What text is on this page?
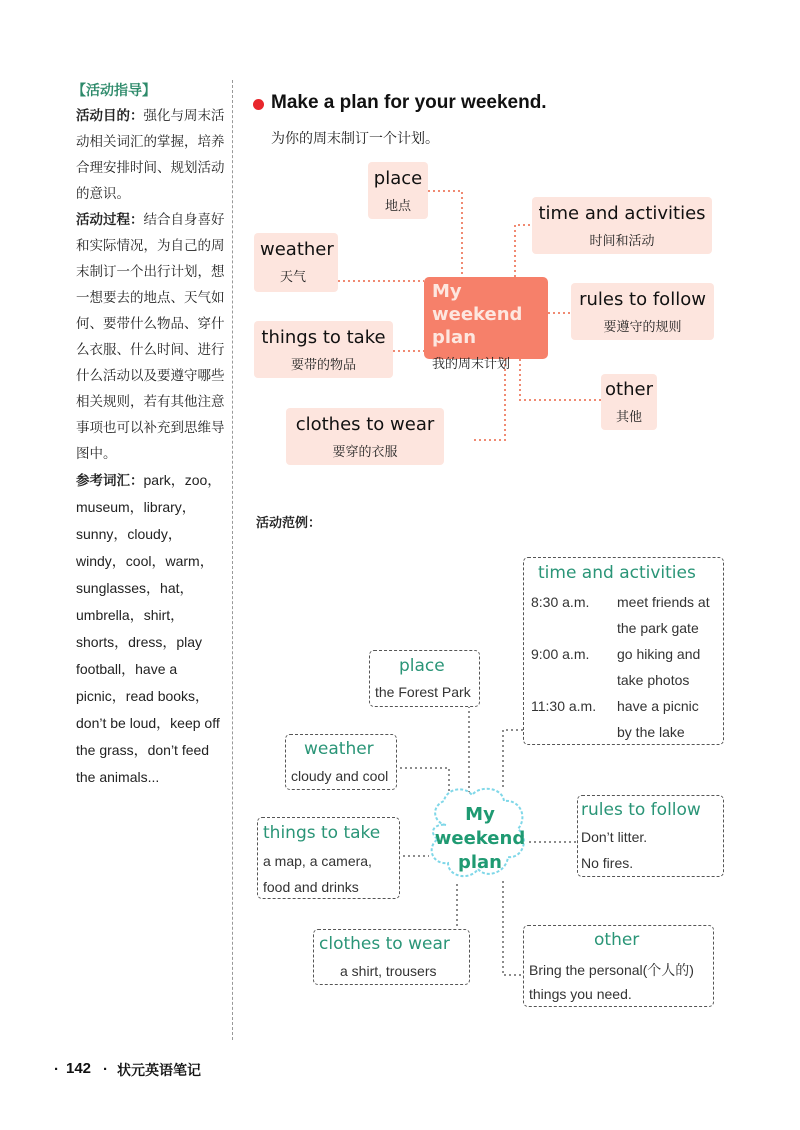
【活动指导】
活动目的：强化与周末活动相关词汇的掌握，培养合理安排时间、规划活动的意识。
活动过程：结合自身喜好和实际情况，为自己的周末制订一个出行计划，想一想要去的地点、天气如何、要带什么物品、穿什么衣服、什么时间、进行什么活动以及要遵守哪些相关规则，若有其他注意事项也可以补充到思维导图中。
参考词汇：park，zoo，museum，library，sunny，cloudy，windy，cool，warm，sunglasses，hat，umbrella，shirt，shorts，dress，play football，have a picnic，read books，don’t be loud，keep off the grass，don’t feed the animals...
Make a plan for your weekend.
为你的周末制订一个计划。
place
地点	time and activities
时间和活动
weather
天气
rules to follow
要遵守的规则
things to take
要带的物品
other
其他
clothes to wear
要穿的衣服
My weekend plan
我的周末计划
活动范例：
place
the Forest Park
time and activities
8:30 a.m. meet friends at
the park gate
9:00 a.m. go hiking and
take photos
11:30 a.m. have a picnic
by the lake
weather
cloudy and cool
rules to follow
Don’t litter.
No fires.
things to take
a map, a camera,
food and drinks
My weekend plan
clothes to wear
a shirt, trousers
other
Bring the personal(个人的)
things you need.
· 142 · 状元英语笔记
